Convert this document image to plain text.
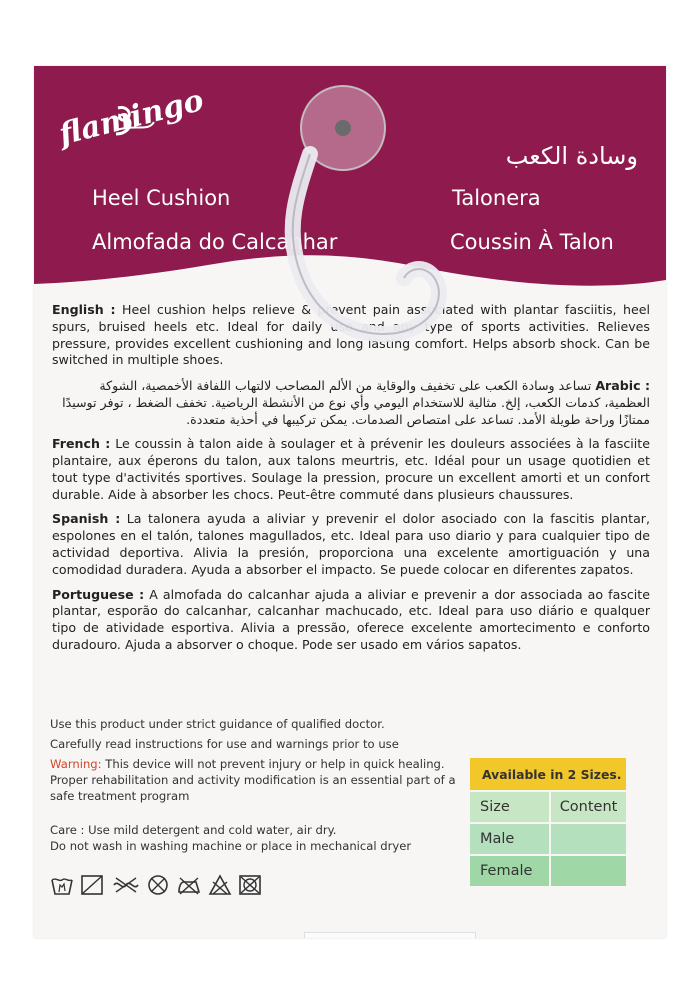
flamingo
Heel Cushion
Almofada do Calcanhar
وسادة الكعب
Talonera
Coussin À Talon

English : Heel cushion helps relieve & prevent pain associated with plantar fasciitis, heel spurs, bruised heels etc. Ideal for daily use and any type of sports activities. Relieves pressure, provides excellent cushioning and long lasting comfort. Helps absorb shock. Can be switched in multiple shoes.

: Arabic تساعد وسادة الكعب على تخفيف والوقاية من الألم المصاحب لالتهاب اللفافة الأخمصية، الشوكة العظمية، كدمات الكعب، إلخ. مثالية للاستخدام اليومي وأي نوع من الأنشطة الرياضية. تخفف الضغط ، توفر توسيدًا ممتازًا وراحة طويلة الأمد. تساعد على امتصاص الصدمات. يمكن تركيبها في أحذية متعددة.

French : Le coussin à talon aide à soulager et à prévenir les douleurs associées à la fasciite plantaire, aux éperons du talon, aux talons meurtris, etc. Idéal pour un usage quotidien et tout type d'activités sportives. Soulage la pression, procure un excellent amorti et un confort durable. Aide à absorber les chocs. Peut-être commuté dans plusieurs chaussures.

Spanish : La talonera ayuda a aliviar y prevenir el dolor asociado con la fascitis plantar, espolones en el talón, talones magullados, etc. Ideal para uso diario y para cualquier tipo de actividad deportiva. Alivia la presión, proporciona una excelente amortiguación y una comodidad duradera. Ayuda a absorber el impacto. Se puede colocar en diferentes zapatos.

Portuguese : A almofada do calcanhar ajuda a aliviar e prevenir a dor associada ao fascite plantar, esporão do calcanhar, calcanhar machucado, etc. Ideal para uso diário e qualquer tipo de atividade esportiva. Alivia a pressão, oferece excelente amortecimento e conforto duradouro. Ajuda a absorver o choque. Pode ser usado em vários sapatos.

Use this product under strict guidance of qualified doctor.
Carefully read instructions for use and warnings prior to use
Warning: This device will not prevent injury or help in quick healing. Proper rehabilitation and activity modification is an essential part of a safe treatment program
Care : Use mild detergent and cold water, air dry.
Do not wash in washing machine or place in mechanical dryer
Available in 2 Sizes.
Size	Content
Male
Female
